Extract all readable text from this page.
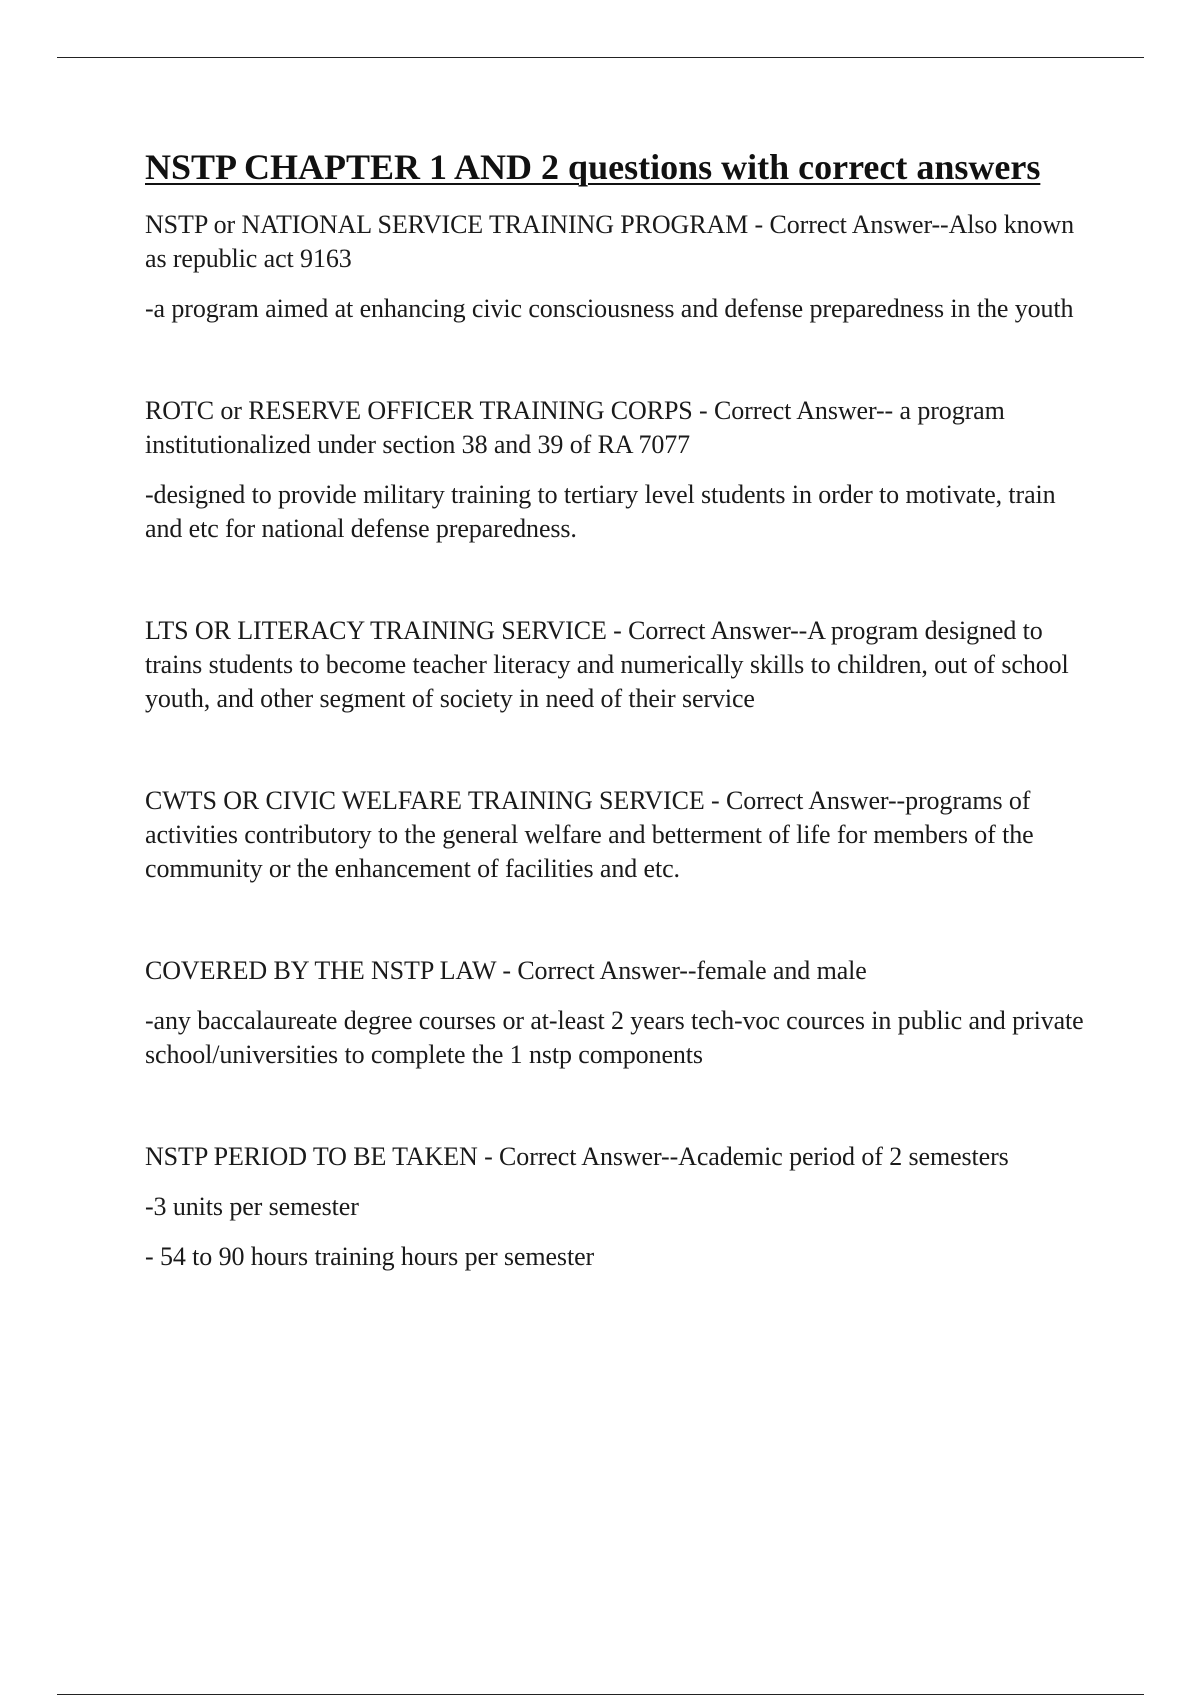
NSTP CHAPTER 1 AND 2 questions with correct answers

NSTP or NATIONAL SERVICE TRAINING PROGRAM - Correct Answer--Also known as republic act 9163

-a program aimed at enhancing civic consciousness and defense preparedness in the youth

ROTC or RESERVE OFFICER TRAINING CORPS - Correct Answer-- a program institutionalized under section 38 and 39 of RA 7077

-designed to provide military training to tertiary level students in order to motivate, train and etc for national defense preparedness.

LTS OR LITERACY TRAINING SERVICE - Correct Answer--A program designed to trains students to become teacher literacy and numerically skills to children, out of school youth, and other segment of society in need of their service

CWTS OR CIVIC WELFARE TRAINING SERVICE - Correct Answer--programs of activities contributory to the general welfare and betterment of life for members of the community or the enhancement of facilities and etc.

COVERED BY THE NSTP LAW - Correct Answer--female and male

-any baccalaureate degree courses or at-least 2 years tech-voc cources in public and private school/universities to complete the 1 nstp components

NSTP PERIOD TO BE TAKEN - Correct Answer--Academic period of 2 semesters

-3 units per semester

- 54 to 90 hours training hours per semester
